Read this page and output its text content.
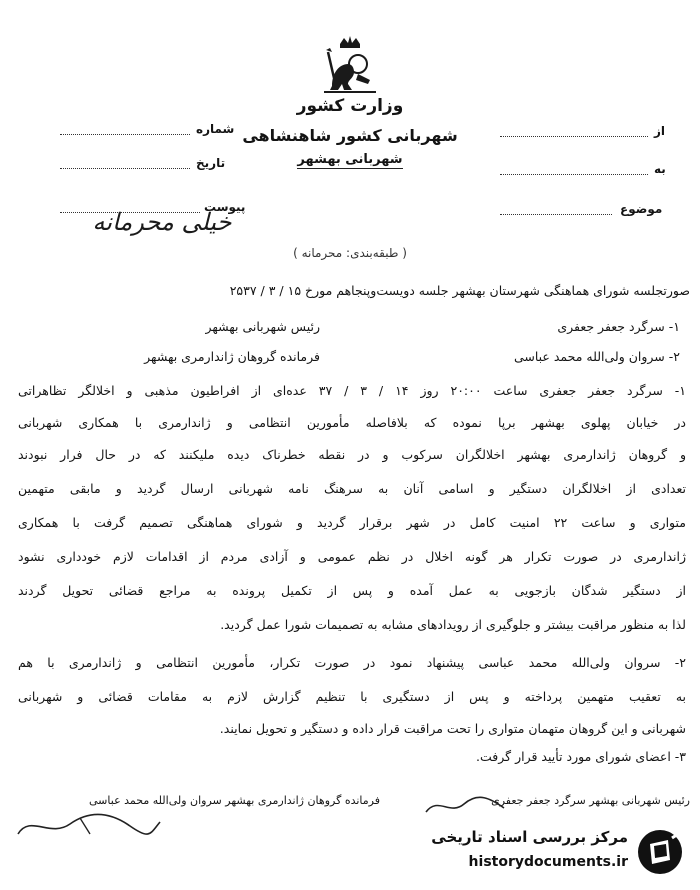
وزارت کشور
شهربانی کشور شاهنشاهی
شهربانی بهشهر
شماره
تاریخ
پیوست
از
به
موضوع
خیلی محرمانه
( طبقه‌بندی: محرمانه )
صورتجلسه شورای هماهنگی شهرستان بهشهر جلسه دویست‌وپنجاهم مورخ ۱۵ / ۳ / ۲۵۳۷
۱- سرگرد جعفر جعفری
رئیس شهربانی بهشهر
۲- سروان ولی‌الله محمد عباسی
فرمانده گروهان ژاندارمری بهشهر
۱- سرگرد جعفر جعفری ساعت ۲۰:۰۰ روز ۱۴ / ۳ / ۳۷ عده‌ای از افراطیون مذهبی و اخلالگر تظاهراتی
در خیابان پهلوی بهشهر برپا نموده که بلافاصله مأمورین انتظامی و ژاندارمری با همکاری شهربانی
و گروهان ژاندارمری بهشهر اخلالگران سرکوب و در نقطه خطرناک دیده ملیکنند که در حال فرار نبودند
تعدادی از اخلالگران دستگیر و اسامی آنان به سرهنگ نامه شهربانی ارسال گردید و مابقی متهمین
متواری و ساعت ۲۲ امنیت کامل در شهر برقرار گردید و شورای هماهنگی تصمیم گرفت با همکاری
ژاندارمری در صورت تکرار هر گونه اخلال در نظم عمومی و آزادی مردم از اقدامات لازم خودداری نشود
از دستگیر شدگان بازجویی به عمل آمده و پس از تکمیل پرونده به مراجع قضائی تحویل گردند
لذا به منظور مراقبت بیشتر و جلوگیری از رویدادهای مشابه به تصمیمات شورا عمل گردید.
۲- سروان ولی‌الله محمد عباسی پیشنهاد نمود در صورت تکرار، مأمورین انتظامی و ژاندارمری با هم
به تعقیب متهمین پرداخته و پس از دستگیری با تنظیم گزارش لازم به مقامات قضائی و شهربانی
شهربانی و این گروهان متهمان متواری را تحت مراقبت قرار داده و دستگیر و تحویل نمایند.
۳- اعضای شورای مورد تأیید قرار گرفت.
رئیس شهربانی بهشهر سرگرد جعفر جعفری
فرمانده گروهان ژاندارمری بهشهر سروان ولی‌الله محمد عباسی
مرکز بررسی اسناد تاریخی
historydocuments.ir
